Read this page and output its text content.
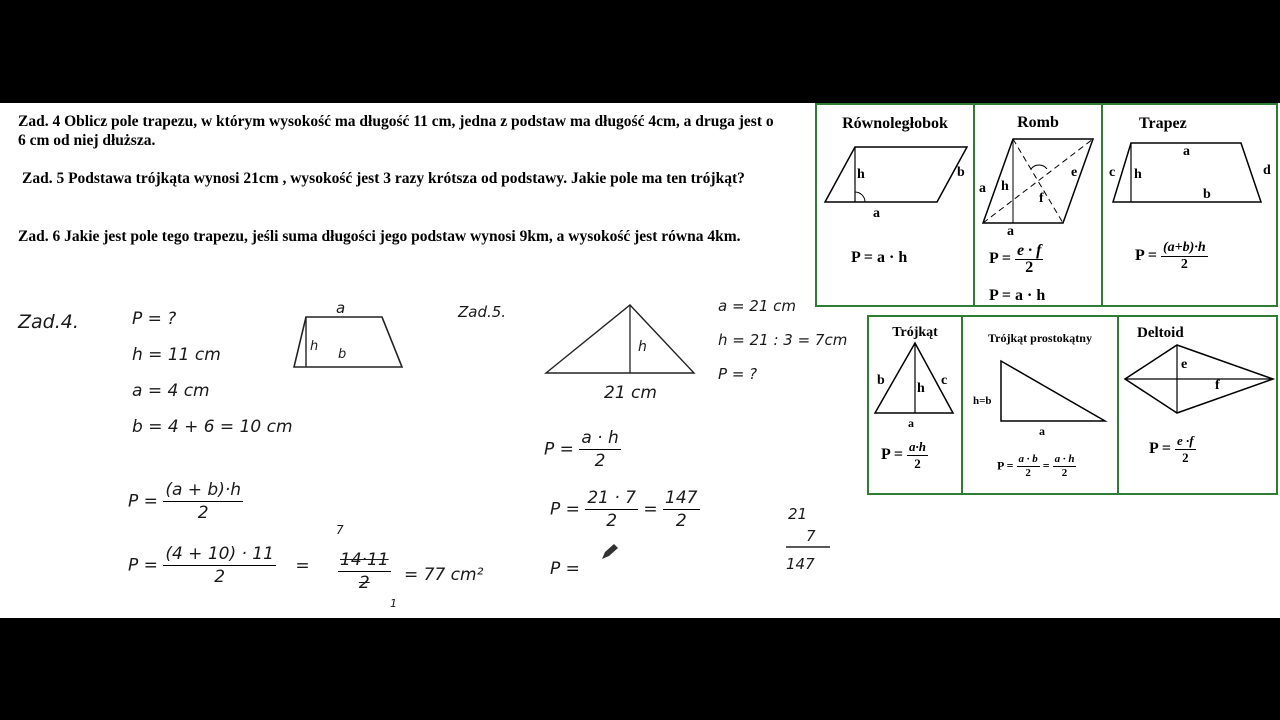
Zad. 4 Oblicz pole trapezu, w którym wysokość ma długość 11 cm, jedna z podstaw ma długość 4cm, a druga jest o 6 cm od niej dłuższa.
Zad. 5 Podstawa trójkąta wynosi 21cm , wysokość jest 3 razy krótsza od podstawy. Jakie pole ma ten trójkąt?
Zad. 6 Jakie jest pole tego trapezu, jeśli suma długości jego podstaw wynosi 9km, a wysokość jest równa 4km.
Równoległobok
h	b
a
P = a · h
Romb
a h
e
f
a
$P = \frac{e \cdot f}{2}$
P = a · h
Trapez
a
c h	d
b
$P = \frac{(a+b)\cdot h}{2}$
Trójkąt
b
h
c
a
$P = \frac{a\cdot h}{2}$
Trójkąt prostokątny
h=b
a
$P = \frac{a \cdot b}{2} = \frac{a \cdot h}{2}$
Deltoid
e
f
$P = \frac{e \cdot f}{2}$
Zad.4.	P = ?
h = 11 cm
a = 4 cm
b = 4 + 6 = 10 cm
a
h
b
$P = \frac{(a + b)\cdot h}{2}$
$P = \frac{(4 + 10) \cdot 11}{2}$ =
7
$\frac{14\cdot 11}{2}$
1
= 77 cm²
Zad.5.
h
21 cm
a = 21 cm
h = 21 : 3 = 7cm
P = ?
$P = \frac{a \cdot h}{2}$
$P = \frac{21 \cdot 7}{2} = \frac{147}{2}$
P =
21
7
147
